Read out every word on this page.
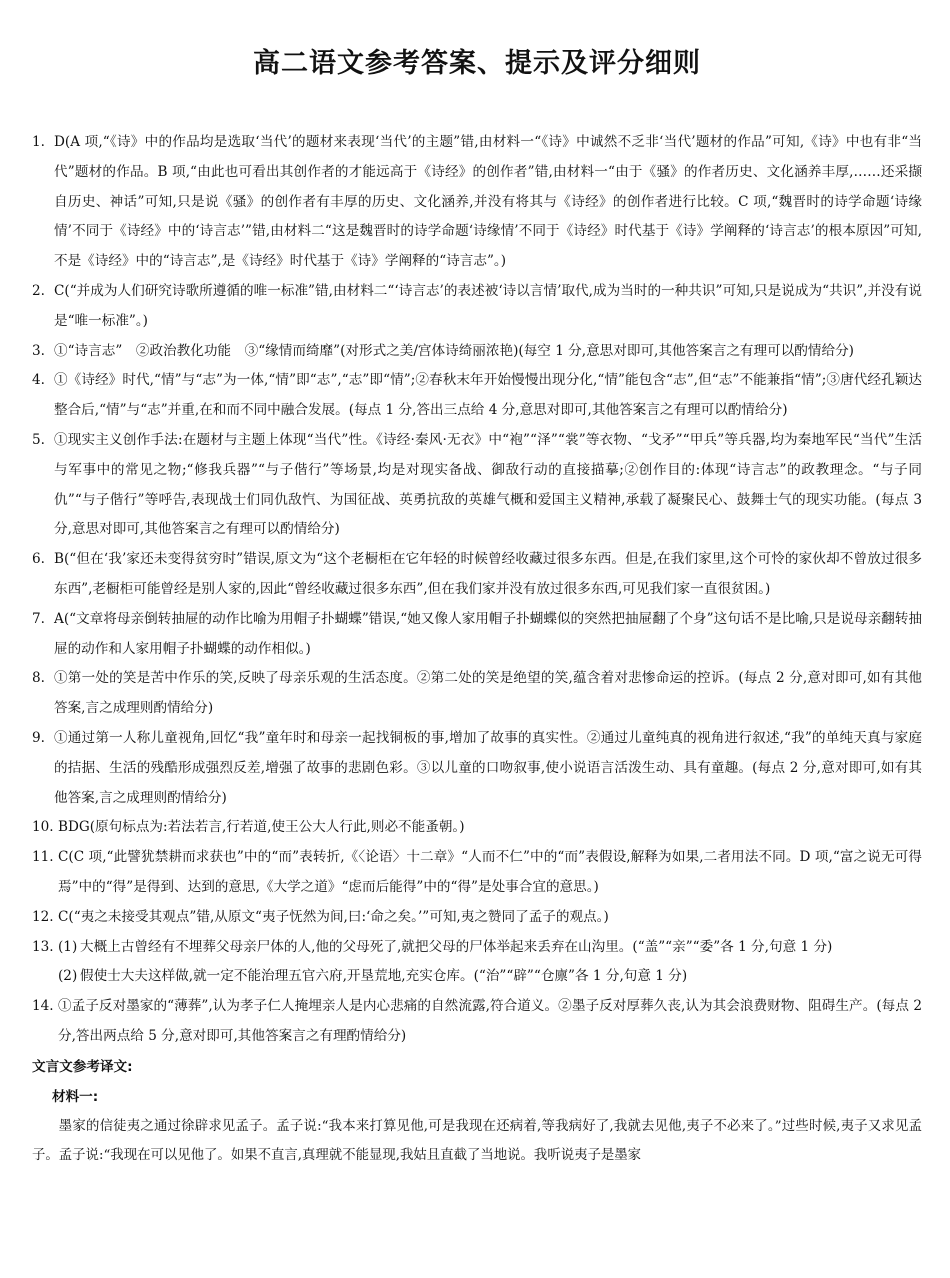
高二语文参考答案、提示及评分细则
1. D(A 项,“《诗》中的作品均是选取‘当代’的题材来表现‘当代’的主题”错,由材料一“《诗》中诚然不乏非‘当代’题材的作品”可知,《诗》中也有非“当代”题材的作品。B 项,“由此也可看出其创作者的才能远高于《诗经》的创作者”错,由材料一“由于《骚》的作者历史、文化涵养丰厚,……还采撷自历史、神话”可知,只是说《骚》的创作者有丰厚的历史、文化涵养,并没有将其与《诗经》的创作者进行比较。C 项,“魏晋时的诗学命题‘诗缘情’不同于《诗经》中的‘诗言志’”错,由材料二“这是魏晋时的诗学命题‘诗缘情’不同于《诗经》时代基于《诗》学阐释的‘诗言志’的根本原因”可知,不是《诗经》中的“诗言志”,是《诗经》时代基于《诗》学阐释的“诗言志”。)
2. C(“并成为人们研究诗歌所遵循的唯一标准”错,由材料二“‘诗言志’的表述被‘诗以言情’取代,成为当时的一种共识”可知,只是说成为“共识”,并没有说是“唯一标准”。)
3. ①“诗言志”　②政治教化功能　③“缘情而绮靡”(对形式之美/宫体诗绮丽浓艳)(每空 1 分,意思对即可,其他答案言之有理可以酌情给分)
4. ①《诗经》时代,“情”与“志”为一体,“情”即“志”,“志”即“情”;②春秋末年开始慢慢出现分化,“情”能包含“志”,但“志”不能兼指“情”;③唐代经孔颖达整合后,“情”与“志”并重,在和而不同中融合发展。(每点 1 分,答出三点给 4 分,意思对即可,其他答案言之有理可以酌情给分)
5. ①现实主义创作手法:在题材与主题上体现“当代”性。《诗经·秦风·无衣》中“袍”“泽”“裳”等衣物、“戈矛”“甲兵”等兵器,均为秦地军民“当代”生活与军事中的常见之物;“修我兵器”“与子偕行”等场景,均是对现实备战、御敌行动的直接描摹;②创作目的:体现“诗言志”的政教理念。“与子同仇”“与子偕行”等呼告,表现战士们同仇敌忾、为国征战、英勇抗敌的英雄气概和爱国主义精神,承载了凝聚民心、鼓舞士气的现实功能。(每点 3 分,意思对即可,其他答案言之有理可以酌情给分)
6. B(“但在‘我’家还未变得贫穷时”错误,原文为“这个老橱柜在它年轻的时候曾经收藏过很多东西。但是,在我们家里,这个可怜的家伙却不曾放过很多东西”,老橱柜可能曾经是别人家的,因此“曾经收藏过很多东西”,但在我们家并没有放过很多东西,可见我们家一直很贫困。)
7. A(“文章将母亲倒转抽屉的动作比喻为用帽子扑蝴蝶”错误,“她又像人家用帽子扑蝴蝶似的突然把抽屉翻了个身”这句话不是比喻,只是说母亲翻转抽屉的动作和人家用帽子扑蝴蝶的动作相似。)
8. ①第一处的笑是苦中作乐的笑,反映了母亲乐观的生活态度。②第二处的笑是绝望的笑,蕴含着对悲惨命运的控诉。(每点 2 分,意对即可,如有其他答案,言之成理则酌情给分)
9. ①通过第一人称儿童视角,回忆“我”童年时和母亲一起找铜板的事,增加了故事的真实性。②通过儿童纯真的视角进行叙述,“我”的单纯天真与家庭的拮据、生活的残酷形成强烈反差,增强了故事的悲剧色彩。③以儿童的口吻叙事,使小说语言活泼生动、具有童趣。(每点 2 分,意对即可,如有其他答案,言之成理则酌情给分)
10. BDG(原句标点为:若法若言,行若道,使王公大人行此,则必不能蚤朝。)
11. C(C 项,“此譬犹禁耕而求获也”中的“而”表转折,《〈论语〉十二章》“人而不仁”中的“而”表假设,解释为如果,二者用法不同。D 项,“富之说无可得焉”中的“得”是得到、达到的意思,《大学之道》“虑而后能得”中的“得”是处事合宜的意思。)
12. C(“夷之未接受其观点”错,从原文“夷子怃然为间,曰:‘命之矣。’”可知,夷之赞同了孟子的观点。)
13. (1) 大概上古曾经有不埋葬父母亲尸体的人,他的父母死了,就把父母的尸体举起来丢弃在山沟里。(“盖”“亲”“委”各 1 分,句意 1 分)
(2) 假使士大夫这样做,就一定不能治理五官六府,开垦荒地,充实仓库。(“治”“辟”“仓廪”各 1 分,句意 1 分)
14. ①孟子反对墨家的“薄葬”,认为孝子仁人掩埋亲人是内心悲痛的自然流露,符合道义。②墨子反对厚葬久丧,认为其会浪费财物、阻碍生产。(每点 2 分,答出两点给 5 分,意对即可,其他答案言之有理酌情给分)

文言文参考译文:

材料一:

墨家的信徒夷之通过徐辟求见孟子。孟子说:“我本来打算见他,可是我现在还病着,等我病好了,我就去见他,夷子不必来了。”过些时候,夷子又求见孟子。孟子说:“我现在可以见他了。如果不直言,真理就不能显现,我姑且直截了当地说。我听说夷子是墨家
